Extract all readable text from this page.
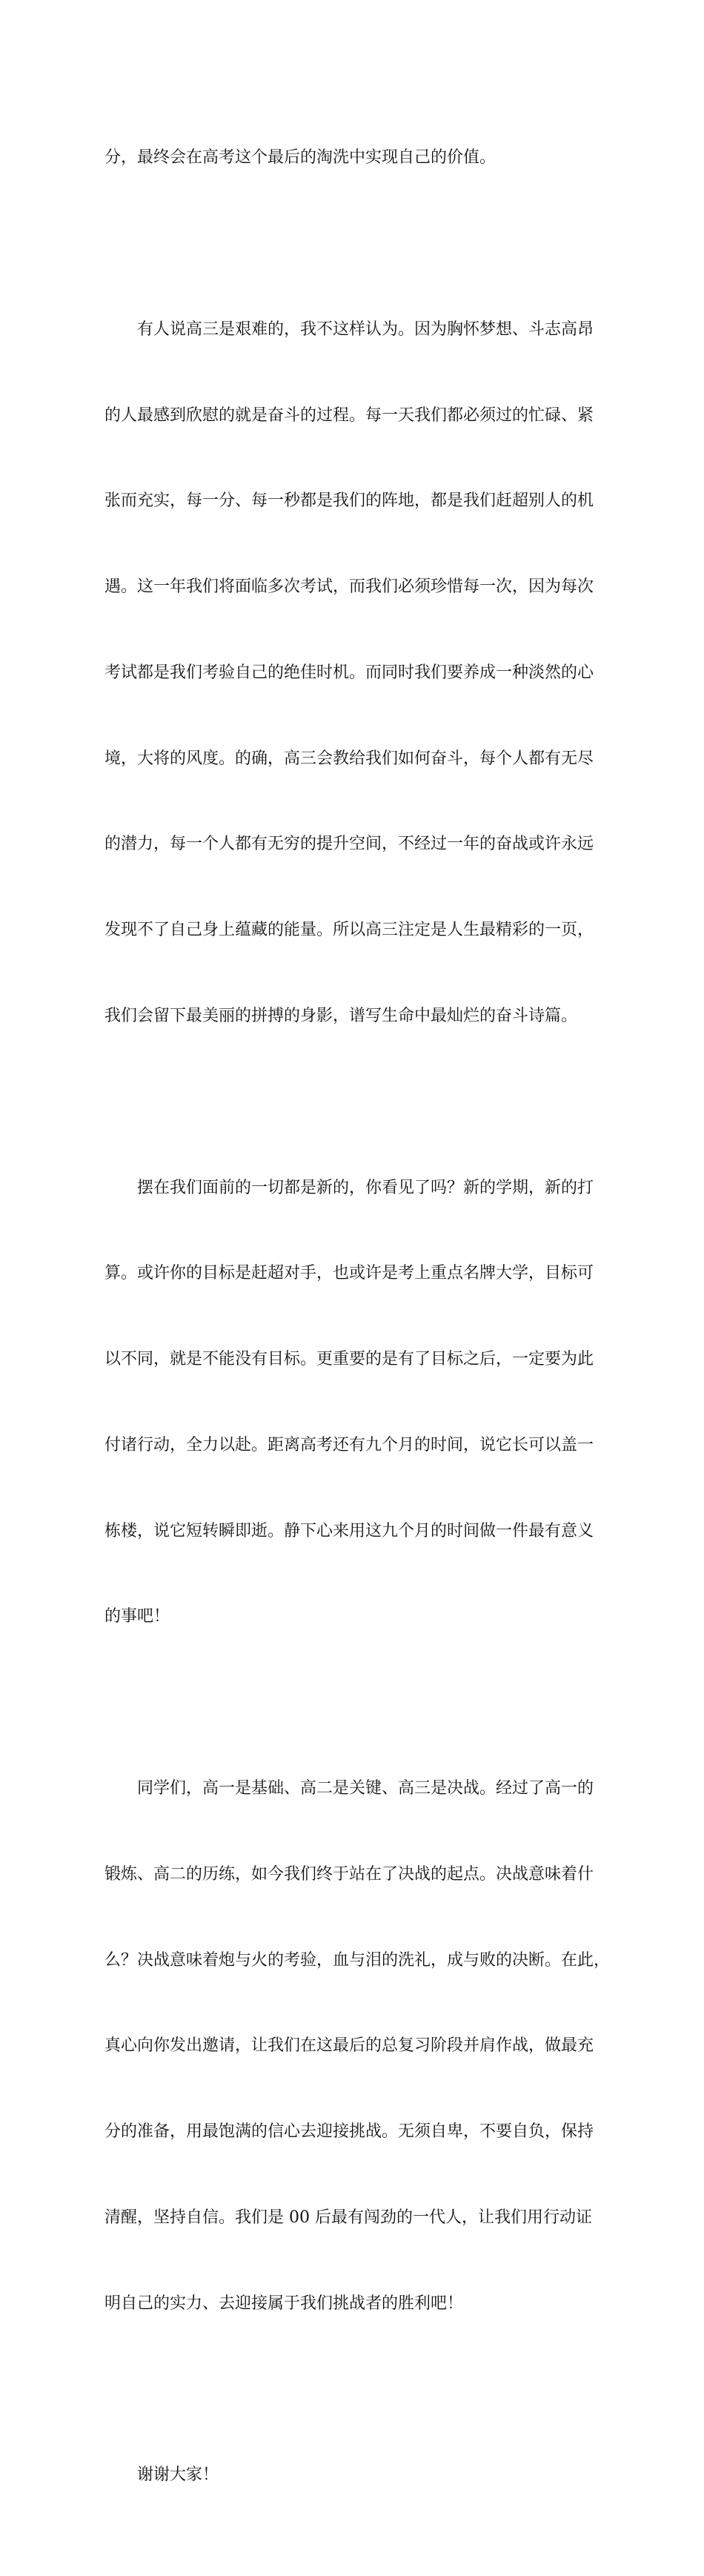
分，最终会在高考这个最后的淘洗中实现自己的价值。

有人说高三是艰难的，我不这样认为。因为胸怀梦想、斗志高昂

的人最感到欣慰的就是奋斗的过程。每一天我们都必须过的忙碌、紧

张而充实，每一分、每一秒都是我们的阵地，都是我们赶超别人的机

遇。这一年我们将面临多次考试，而我们必须珍惜每一次，因为每次

考试都是我们考验自己的绝佳时机。而同时我们要养成一种淡然的心

境，大将的风度。的确，高三会教给我们如何奋斗，每个人都有无尽

的潜力，每一个人都有无穷的提升空间，不经过一年的奋战或许永远

发现不了自己身上蕴藏的能量。所以高三注定是人生最精彩的一页，

我们会留下最美丽的拼搏的身影，谱写生命中最灿烂的奋斗诗篇。

摆在我们面前的一切都是新的，你看见了吗？新的学期，新的打

算。或许你的目标是赶超对手，也或许是考上重点名牌大学，目标可

以不同，就是不能没有目标。更重要的是有了目标之后，一定要为此

付诸行动，全力以赴。距离高考还有九个月的时间，说它长可以盖一

栋楼，说它短转瞬即逝。静下心来用这九个月的时间做一件最有意义

的事吧！

同学们，高一是基础、高二是关键、高三是决战。经过了高一的

锻炼、高二的历练，如今我们终于站在了决战的起点。决战意味着什

么？决战意味着炮与火的考验，血与泪的洗礼，成与败的决断。在此，

真心向你发出邀请，让我们在这最后的总复习阶段并肩作战，做最充

分的准备，用最饱满的信心去迎接挑战。无须自卑，不要自负，保持

清醒，坚持自信。我们是 00 后最有闯劲的一代人，让我们用行动证

明自己的实力、去迎接属于我们挑战者的胜利吧！

谢谢大家！
